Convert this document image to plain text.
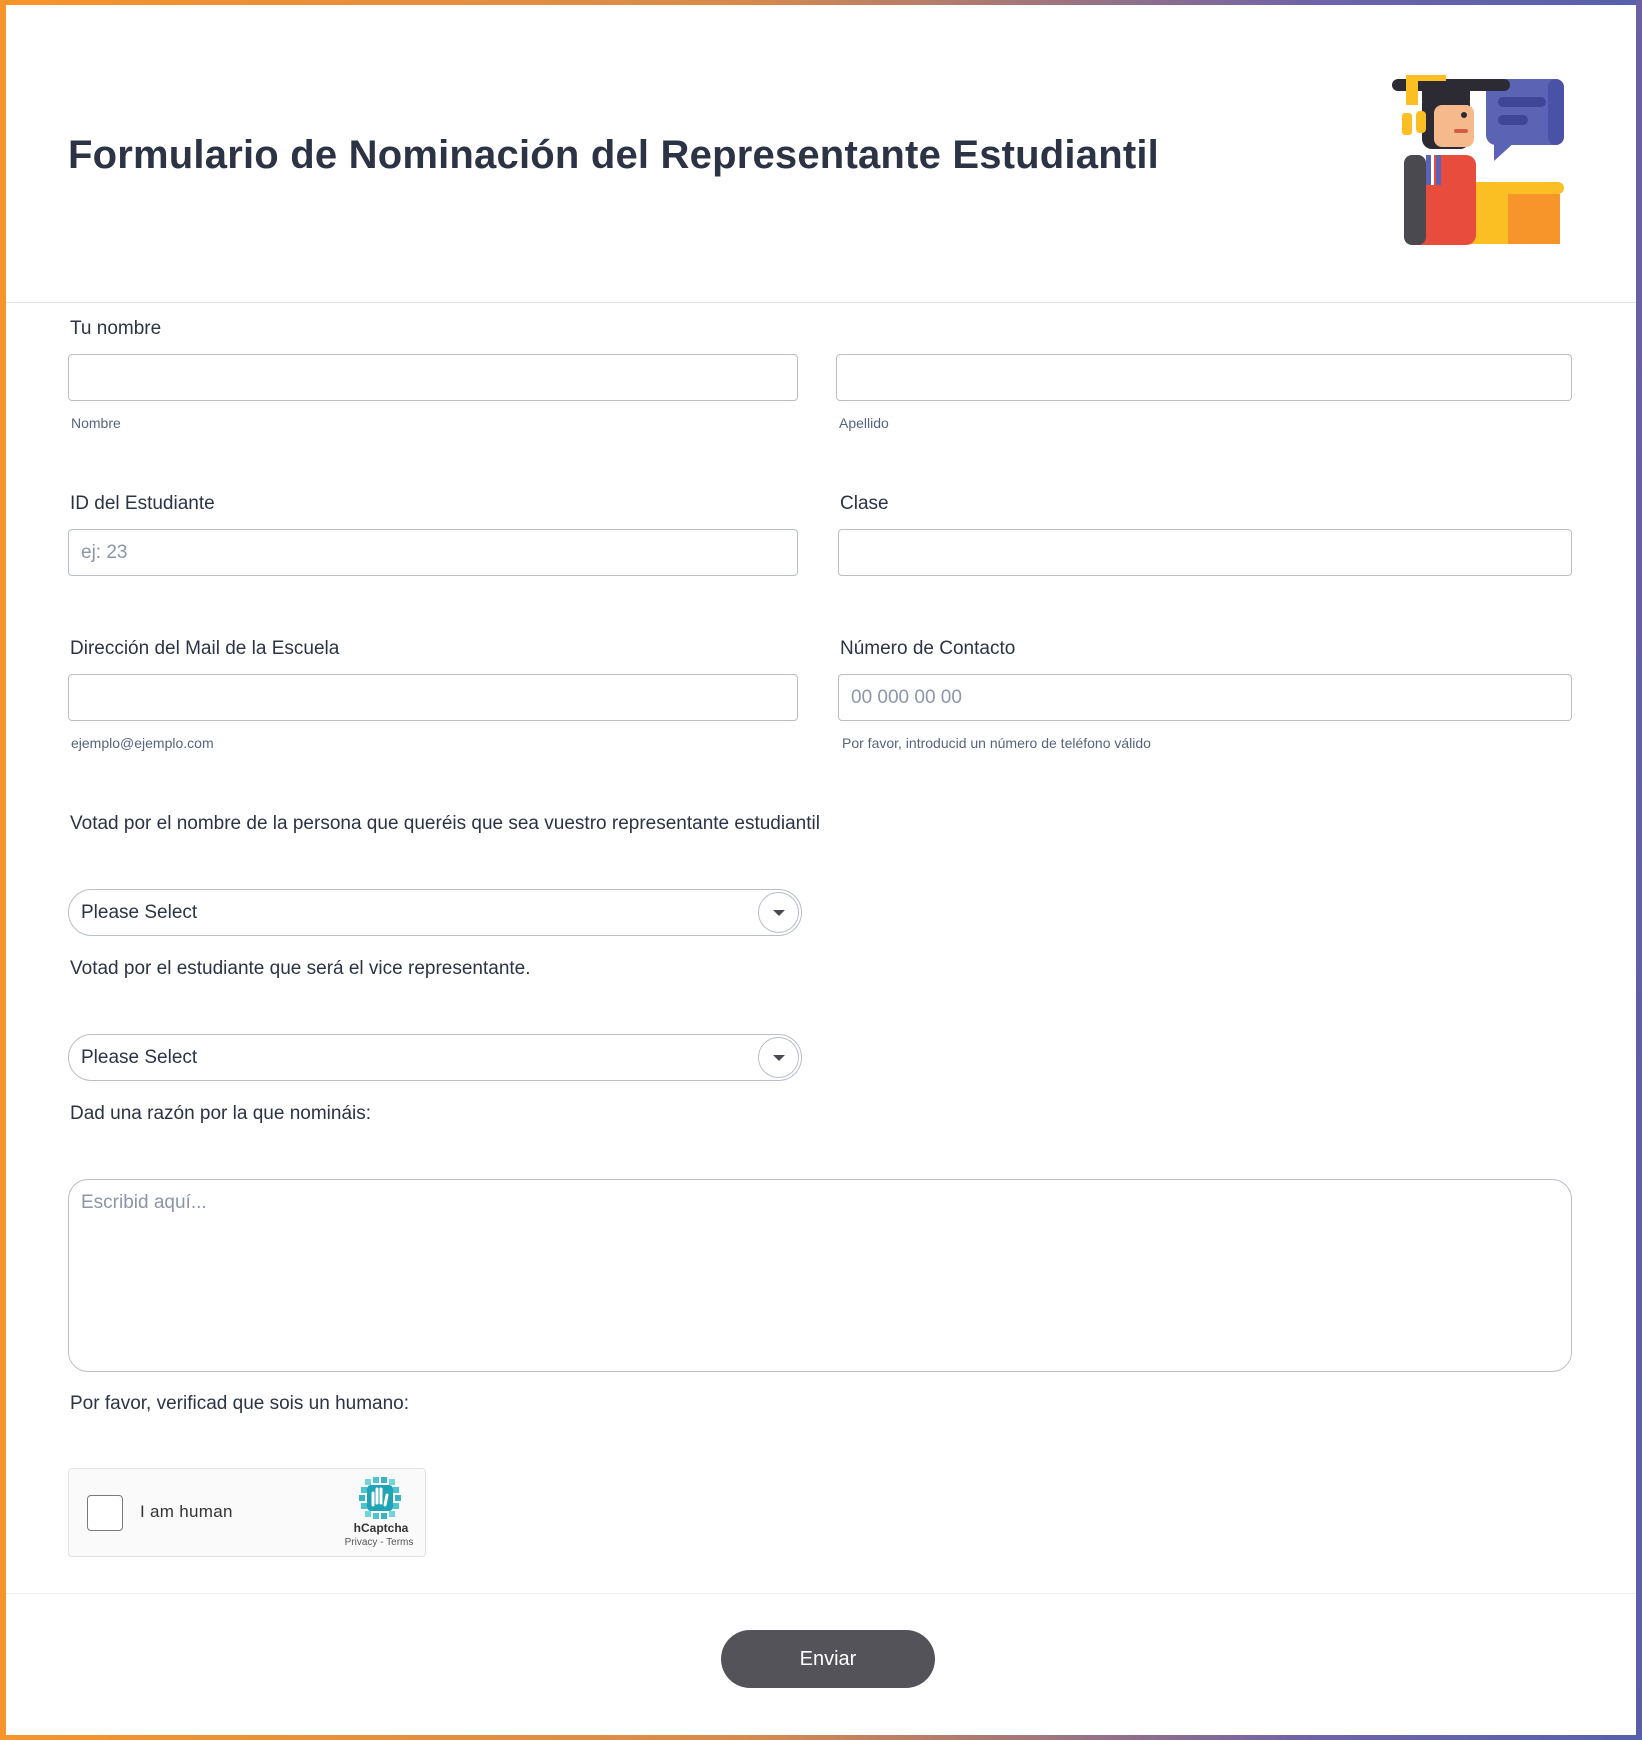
Formulario de Nominación del Representante Estudiantil
Tu nombre
Nombre	Apellido
ID del Estudiante	Clase
ej: 23
Dirección del Mail de la Escuela	Número de Contacto
00 000 00 00
ejemplo@ejemplo.com	Por favor, introducid un número de teléfono válido
Votad por el nombre de la persona que queréis que sea vuestro representante estudiantil
Please Select
Votad por el estudiante que será el vice representante.
Please Select
Dad una razón por la que nomináis:
Escribid aquí...
Por favor, verificad que sois un humano:
I am human
hCaptcha
Privacy - Terms
Enviar
